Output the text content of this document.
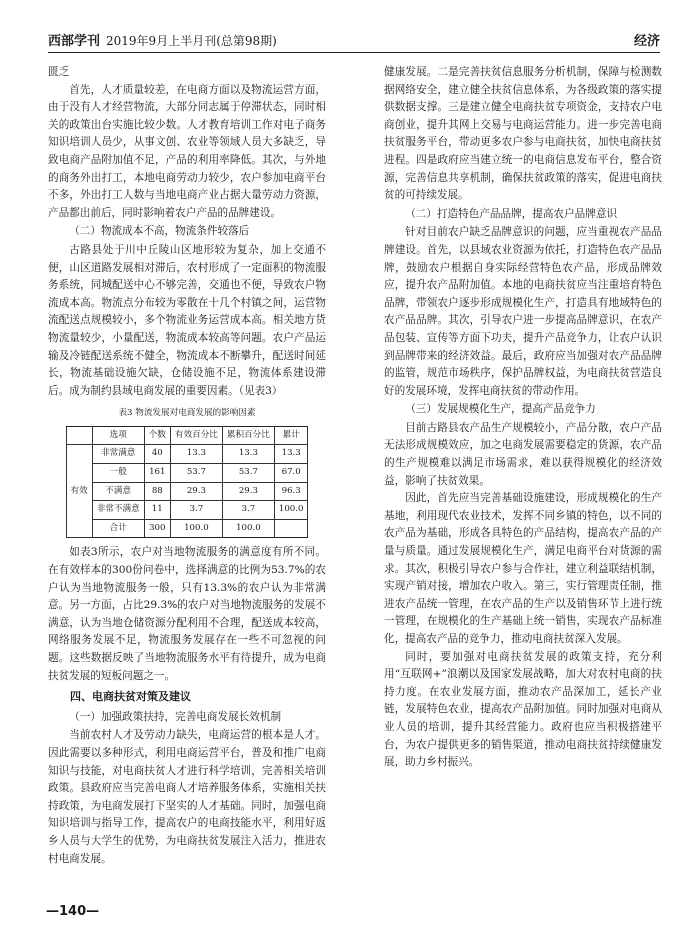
西部学刊 2019年9月上半月刊(总第98期)	经济

匮乏

首先，人才质量较差，在电商方面以及物流运营方面，由于没有人才经营物流，大部分同志属于停滞状态，同时相关的政策出台实施比较少数。人才教育培训工作对电子商务知识培训人员少，从事文创、农业等领域人员大多缺乏，导致电商产品附加值不足，产品的利用率降低。其次，与外地的商务外出打工，本地电商劳动力较少，农户参加电商平台不多，外出打工人数与当地电商产业占据大量劳动力资源，产品都出前后，同时影响着农户产品的品牌建设。

（二）物流成本不高，物流条件较落后

古路县处于川中丘陵山区地形较为复杂，加上交通不便，山区道路发展相对滞后，农村形成了一定面积的物流服务系统，同城配送中心不够完善，交通也不便，导致农户物流成本高。物流点分布较为零散在十几个村镇之间，运营物流配送点规模较小，多个物流业务运营成本高。相关地方货物流量较少，小量配送，物流成本较高等问题。农户产品运输及冷链配送系统不健全，物流成本不断攀升，配送时间延长，物流基础设施欠缺，仓储设施不足，物流体系建设滞后。成为制约县域电商发展的重要因素。（见表3）

表3 物流发展对电商发展的影响因素
	选项	个数	有效百分比	累积百分比	累计
有效	非常满意	40	13.3	13.3	13.3
	一般	161	53.7	53.7	67.0
	不满意	88	29.3	29.3	96.3
	非常不满意	11	3.7	3.7	100.0
	合计	300	100.0	100.0	

如表3所示，农户对当地物流服务的满意度有所不同。在有效样本的300份问卷中，选择满意的比例为53.7%的农户认为当地物流服务一般，只有13.3%的农户认为非常满意。另一方面，占比29.3%的农户对当地物流服务的发展不满意，认为当地仓储资源分配利用不合理，配送成本较高，网络服务发展不足，物流服务发展存在一些不可忽视的问题。这些数据反映了当地物流服务水平有待提升，成为电商扶贫发展的短板问题之一。

四、电商扶贫对策及建议
（一）加强政策扶持，完善电商发展长效机制

当前农村人才及劳动力缺失，电商运营的根本是人才。因此需要以多种形式，利用电商运营平台，普及和推广电商知识与技能，对电商扶贫人才进行科学培训，完善相关培训政策。县政府应当完善电商人才培养服务体系，实施相关扶持政策，为电商发展打下坚实的人才基础。同时，加强电商知识培训与指导工作，提高农户的电商技能水平，利用好返乡人员与大学生的优势，为电商扶贫发展注入活力，推进农村电商发展。

健康发展。二是完善扶贫信息服务分析机制，保障与检测数据网络安全，建立健全扶贫信息体系，为各级政策的落实提供数据支撑。三是建立健全电商扶贫专项资金，支持农户电商创业，提升其网上交易与电商运营能力。进一步完善电商扶贫服务平台，带动更多农户参与电商扶贫，加快电商扶贫进程。四是政府应当建立统一的电商信息发布平台，整合资源，完善信息共享机制，确保扶贫政策的落实，促进电商扶贫的可持续发展。

（二）打造特色产品品牌，提高农户品牌意识

针对目前农户缺乏品牌意识的问题，应当重视农产品品牌建设。首先，以县域农业资源为依托，打造特色农产品品牌，鼓励农户根据自身实际经营特色农产品，形成品牌效应，提升农产品附加值。本地的电商扶贫应当注重培育特色品牌，带领农户逐步形成规模化生产，打造具有地域特色的农产品品牌。其次，引导农户进一步提高品牌意识，在农产品包装、宣传等方面下功夫，提升产品竞争力，让农户认识到品牌带来的经济效益。最后，政府应当加强对农产品品牌的监管，规范市场秩序，保护品牌权益，为电商扶贫营造良好的发展环境，发挥电商扶贫的带动作用。

（三）发展规模化生产，提高产品竞争力

目前古路县农产品生产规模较小，产品分散，农户产品无法形成规模效应，加之电商发展需要稳定的货源，农产品的生产规模难以满足市场需求，难以获得规模化的经济效益，影响了扶贫效果。

因此，首先应当完善基础设施建设，形成规模化的生产基地，利用现代农业技术，发挥不同乡镇的特色，以不同的农产品为基础，形成各具特色的产品结构，提高农产品的产量与质量。通过发展规模化生产，满足电商平台对货源的需求。其次，积极引导农户参与合作社，建立利益联结机制，实现产销对接，增加农户收入。第三，实行管理责任制，推进农产品统一管理，在农产品的生产以及销售环节上进行统一管理，在规模化的生产基础上统一销售，实现农产品标准化，提高农产品的竞争力，推动电商扶贫深入发展。

同时，要加强对电商扶贫发展的政策支持，充分利用“互联网+”浪潮以及国家发展战略，加大对农村电商的扶持力度。在农业发展方面，推动农产品深加工，延长产业链，发展特色农业，提高农产品附加值。同时加强对电商从业人员的培训，提升其经营能力。政府也应当积极搭建平台，为农户提供更多的销售渠道，推动电商扶贫持续健康发展，助力乡村振兴。

—140—
